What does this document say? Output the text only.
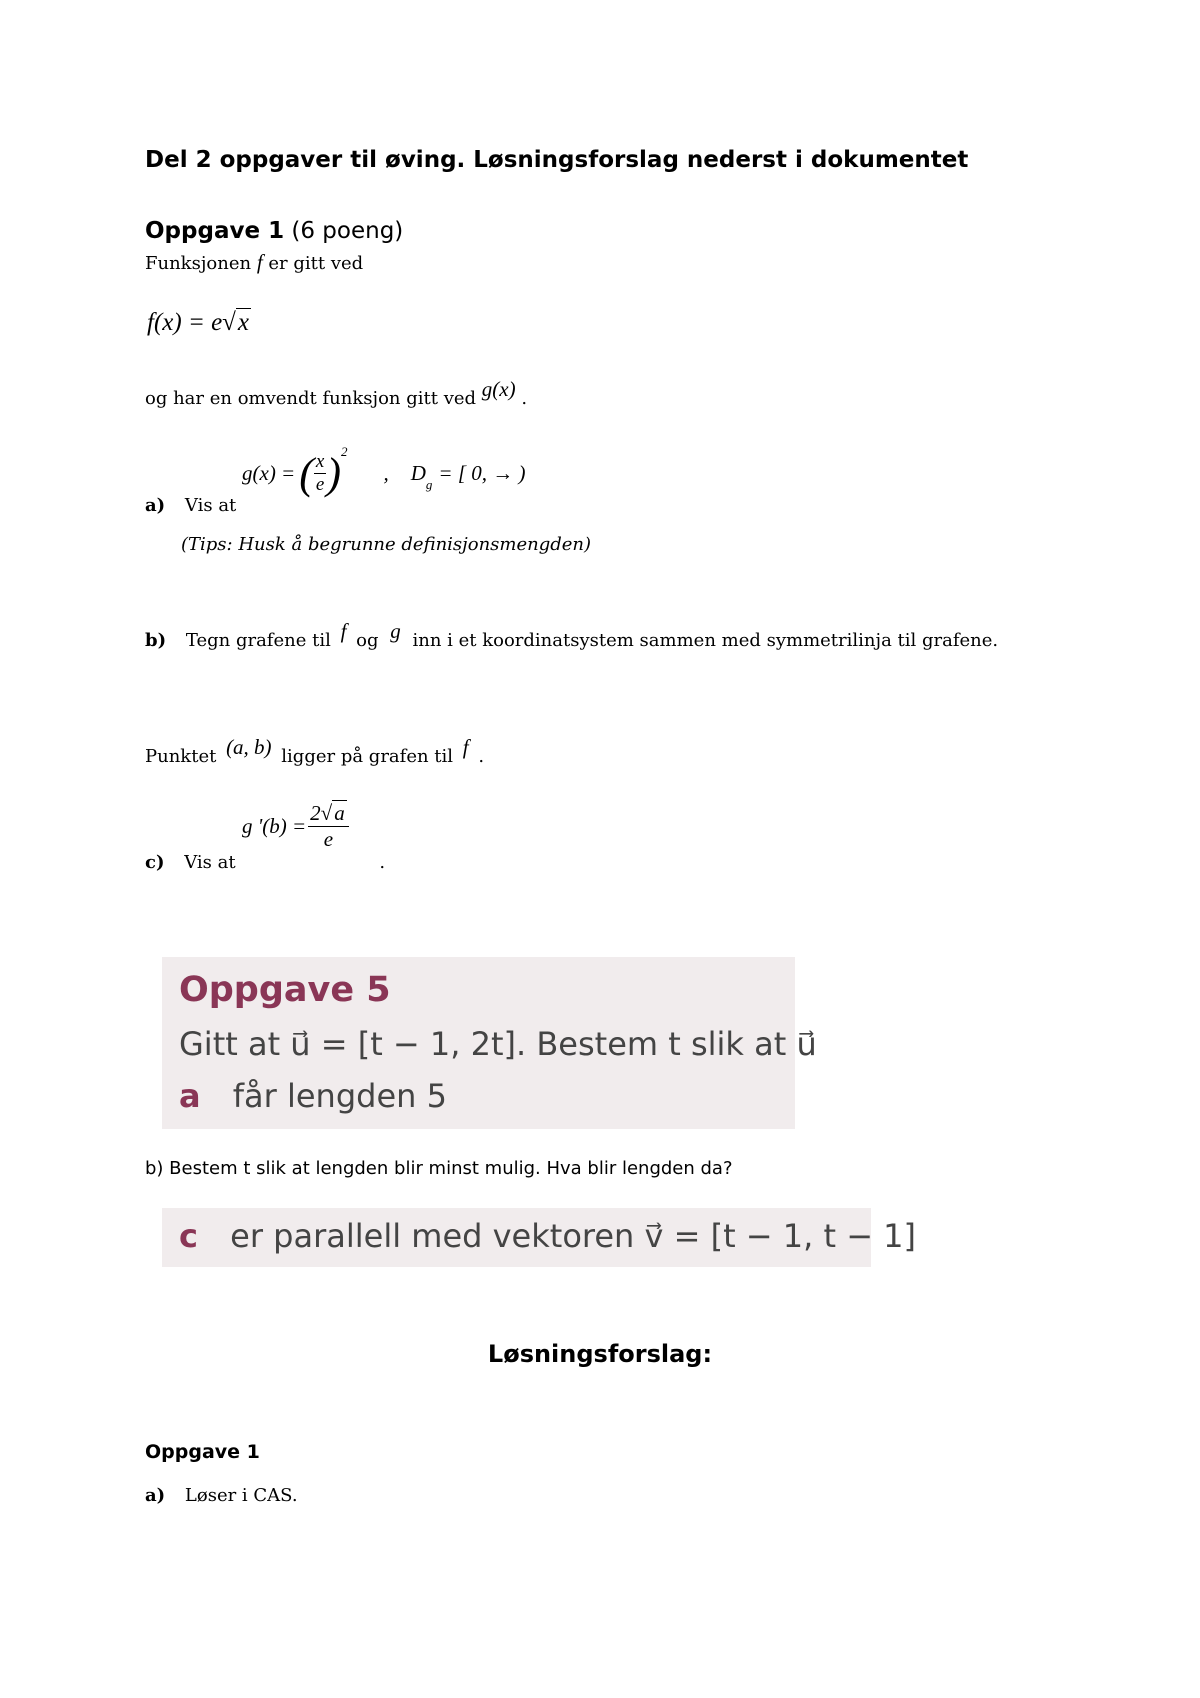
Del 2 oppgaver til øving. Løsningsforslag nederst i dokumentet
Oppgave 1 (6 poeng)
Funksjonen f er gitt ved
f(x) = e √ x
og har en omvendt funksjon gitt ved g(x) .
g(x) = ( $\frac{x}{e}$ ) 2
, D g = [ 0, → )
a) Vis at
(Tips: Husk å begrunne definisjonsmengden)
b) Tegn grafene til f og g inn i et koordinatsystem sammen med symmetrilinja til grafene.
Punktet (a, b) ligger på grafen til f .
g '$(b) = \frac{2 √ a}{e}$
c) Vis at	.
Oppgave 5
Gitt at u⃗ = [t − 1, 2t]. Bestem t slik at u⃗
a får lengden 5
b) Bestem t slik at lengden blir minst mulig. Hva blir lengden da?
c er parallell med vektoren v⃗ = [t − 1, t − 1]
Løsningsforslag:
Oppgave 1
a) Løser i CAS.
